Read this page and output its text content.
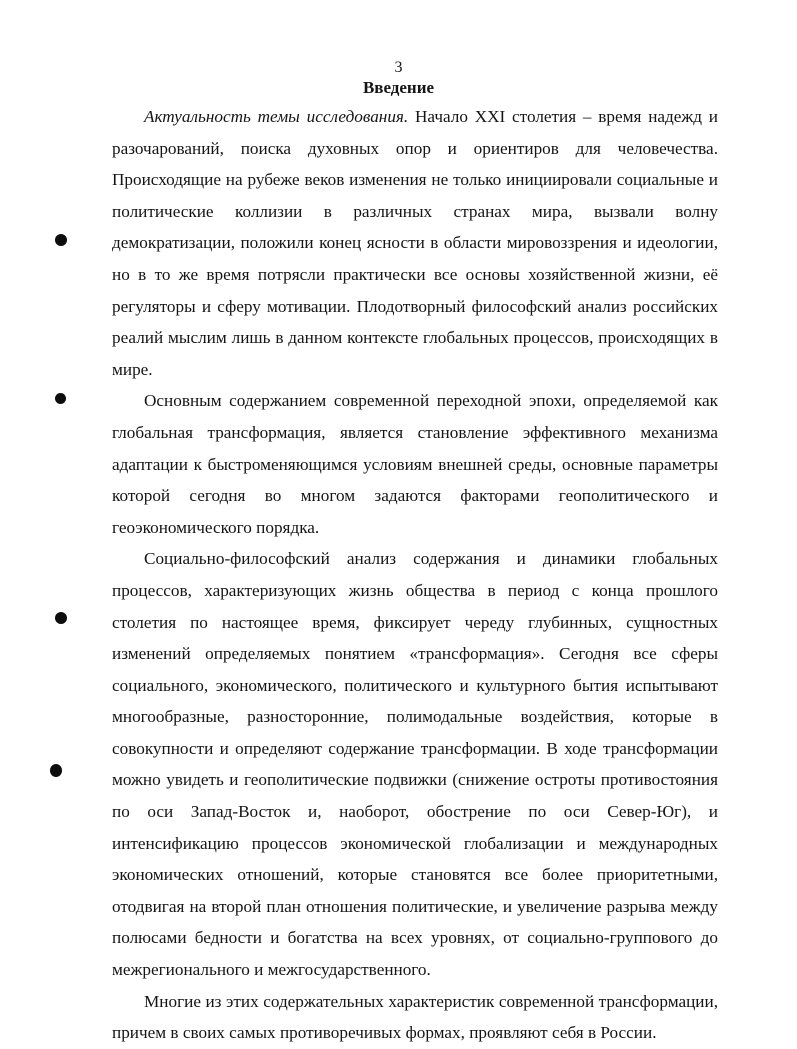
3
Введение

Актуальность темы исследования. Начало XXI столетия – время надежд и разочарований, поиска духовных опор и ориентиров для человечества. Происходящие на рубеже веков изменения не только инициировали социальные и политические коллизии в различных странах мира, вызвали волну демократизации, положили конец ясности в области мировоззрения и идеологии, но в то же время потрясли практически все основы хозяйственной жизни, её регуляторы и сферу мотивации. Плодотворный философский анализ российских реалий мыслим лишь в данном контексте глобальных процессов, происходящих в мире.

Основным содержанием современной переходной эпохи, определяемой как глобальная трансформация, является становление эффективного механизма адаптации к быстроменяющимся условиям внешней среды, основные параметры которой сегодня во многом задаются факторами геополитического и геоэкономического порядка.

Социально-философский анализ содержания и динамики глобальных процессов, характеризующих жизнь общества в период с конца прошлого столетия по настоящее время, фиксирует череду глубинных, сущностных изменений определяемых понятием «трансформация». Сегодня все сферы социального, экономического, политического и культурного бытия испытывают многообразные, разносторонние, полимодальные воздействия, которые в совокупности и определяют содержание трансформации. В ходе трансформации можно увидеть и геополитические подвижки (снижение остроты противостояния по оси Запад-Восток и, наоборот, обострение по оси Север-Юг), и интенсификацию процессов экономической глобализации и международных экономических отношений, которые становятся все более приоритетными, отодвигая на второй план отношения политические, и увеличение разрыва между полюсами бедности и богатства на всех уровнях, от социально-группового до межрегионального и межгосударственного.

Многие из этих содержательных характеристик современной трансформации, причем в своих самых противоречивых формах, проявляют себя в России.
